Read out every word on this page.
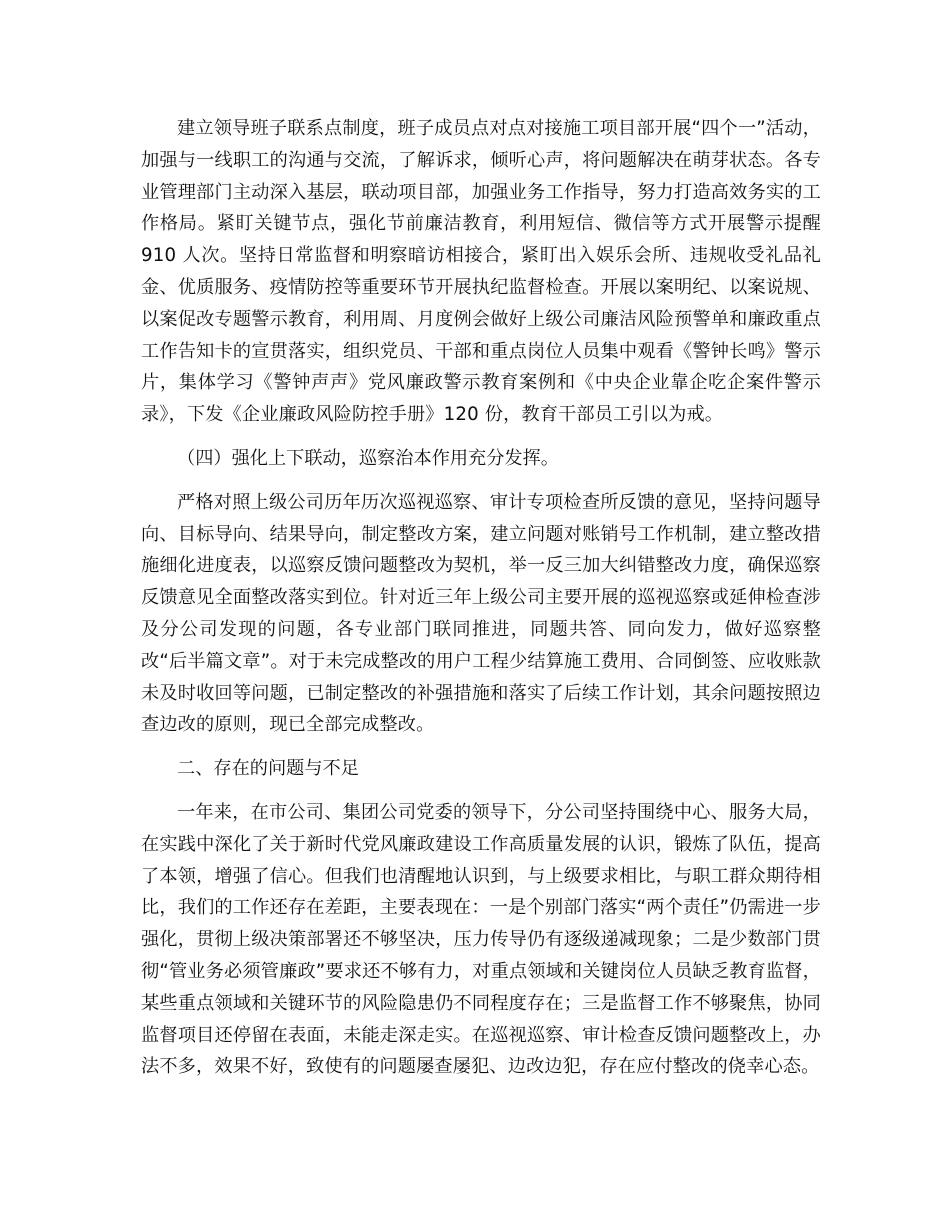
建立领导班子联系点制度，班子成员点对点对接施工项目部开展“四个一”活动，加强与一线职工的沟通与交流，了解诉求，倾听心声，将问题解决在萌芽状态。各专业管理部门主动深入基层，联动项目部，加强业务工作指导，努力打造高效务实的工作格局。紧盯关键节点，强化节前廉洁教育，利用短信、微信等方式开展警示提醒 910 人次。坚持日常监督和明察暗访相接合，紧盯出入娱乐会所、违规收受礼品礼金、优质服务、疫情防控等重要环节开展执纪监督检查。开展以案明纪、以案说规、以案促改专题警示教育，利用周、月度例会做好上级公司廉洁风险预警单和廉政重点工作告知卡的宣贯落实，组织党员、干部和重点岗位人员集中观看《警钟长鸣》警示片，集体学习《警钟声声》党风廉政警示教育案例和《中央企业靠企吃企案件警示录》，下发《企业廉政风险防控手册》120 份，教育干部员工引以为戒。

（四）强化上下联动，巡察治本作用充分发挥。

严格对照上级公司历年历次巡视巡察、审计专项检查所反馈的意见，坚持问题导向、目标导向、结果导向，制定整改方案，建立问题对账销号工作机制，建立整改措施细化进度表，以巡察反馈问题整改为契机，举一反三加大纠错整改力度，确保巡察反馈意见全面整改落实到位。针对近三年上级公司主要开展的巡视巡察或延伸检查涉及分公司发现的问题，各专业部门联同推进，同题共答、同向发力，做好巡察整改“后半篇文章”。对于未完成整改的用户工程少结算施工费用、合同倒签、应收账款未及时收回等问题，已制定整改的补强措施和落实了后续工作计划，其余问题按照边查边改的原则，现已全部完成整改。

二、存在的问题与不足

一年来，在市公司、集团公司党委的领导下，分公司坚持围绕中心、服务大局，在实践中深化了关于新时代党风廉政建设工作高质量发展的认识，锻炼了队伍，提高了本领，增强了信心。但我们也清醒地认识到，与上级要求相比，与职工群众期待相比，我们的工作还存在差距，主要表现在：一是个别部门落实“两个责任”仍需进一步强化，贯彻上级决策部署还不够坚决，压力传导仍有逐级递减现象；二是少数部门贯彻“管业务必须管廉政”要求还不够有力，对重点领域和关键岗位人员缺乏教育监督，某些重点领域和关键环节的风险隐患仍不同程度存在；三是监督工作不够聚焦，协同监督项目还停留在表面，未能走深走实。在巡视巡察、审计检查反馈问题整改上，办法不多，效果不好，致使有的问题屡查屡犯、边改边犯，存在应付整改的侥幸心态。
